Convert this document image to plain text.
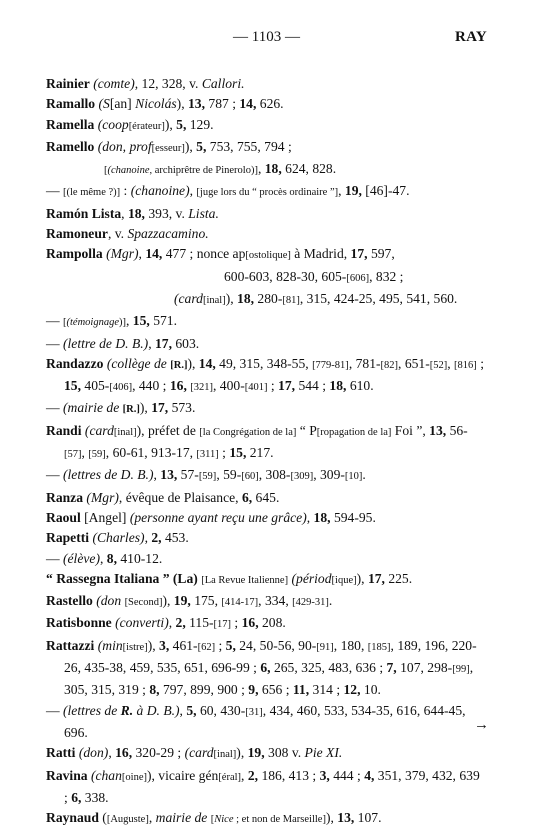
— 1103 —	RAY
Rainier (comte), 12, 328, v. Callori.
Ramallo (S[an] Nicolás), 13, 787 ; 14, 626.
Ramella (coop[érateur]), 5, 129.
Ramello (don, prof[esseur]), 5, 753, 755, 794 ;
[(chanoine, archiprêtre de Pinerolo)], 18, 624, 828.
— [(le même ?)] : (chanoine), [juge lors du “ procès ordinaire ”], 19, [46]-47.
Ramón Lista, 18, 393, v. Lista.
Ramoneur, v. Spazzacamino.
Rampolla (Mgr), 14, 477 ; nonce ap[ostolique] à Madrid, 17, 597,
600-603, 828-30, 605-[606], 832 ;
(card[inal]), 18, 280-[81], 315, 424-25, 495, 541, 560.
— [(témoignage)], 15, 571.
— (lettre de D. B.), 17, 603.
Randazzo (collège de [R.]), 14, 49, 315, 348-55, [779-81], 781-[82], 651-[52], [816] ; 15, 405-[406], 440 ; 16, [321], 400-[401] ; 17, 544 ; 18, 610.
— (mairie de [R.]), 17, 573.
Randi (card[inal]), préfet de [la Congrégation de la] “ P[ropagation de la] Foi ”, 13, 56-[57], [59], 60-61, 913-17, [311] ; 15, 217.
— (lettres de D. B.), 13, 57-[59], 59-[60], 308-[309], 309-[10].
Ranza (Mgr), évêque de Plaisance, 6, 645.
Raoul [Angel] (personne ayant reçu une grâce), 18, 594-95.
Rapetti (Charles), 2, 453.
— (élève), 8, 410-12.
“ Rassegna Italiana ” (La) [La Revue Italienne] (périod[ique]), 17, 225.
Rastello (don [Second]), 19, 175, [414-17], 334, [429-31].
Ratisbonne (converti), 2, 115-[17] ; 16, 208.
Rattazzi (min[istre]), 3, 461-[62] ; 5, 24, 50-56, 90-[91], 180, [185], 189, 196, 220-26, 435-38, 459, 535, 651, 696-99 ; 6, 265, 325, 483, 636 ; 7, 107, 298-[99], 305, 315, 319 ; 8, 797, 899, 900 ; 9, 656 ; 11, 314 ; 12, 10.
— (lettres de R. à D. B.), 5, 60, 430-[31], 434, 460, 533, 534-35, 616, 644-45, 696.
Ratti (don), 16, 320-29 ; (card[inal]), 19, 308 v. Pie XI.
Ravina (chan[oine]), vicaire gén[éral], 2, 186, 413 ; 3, 444 ; 4, 351, 379, 432, 639 ; 6, 338.
Raynaud ([Auguste], mairie de [Nice ; et non de Marseille]), 13, 107.
→
